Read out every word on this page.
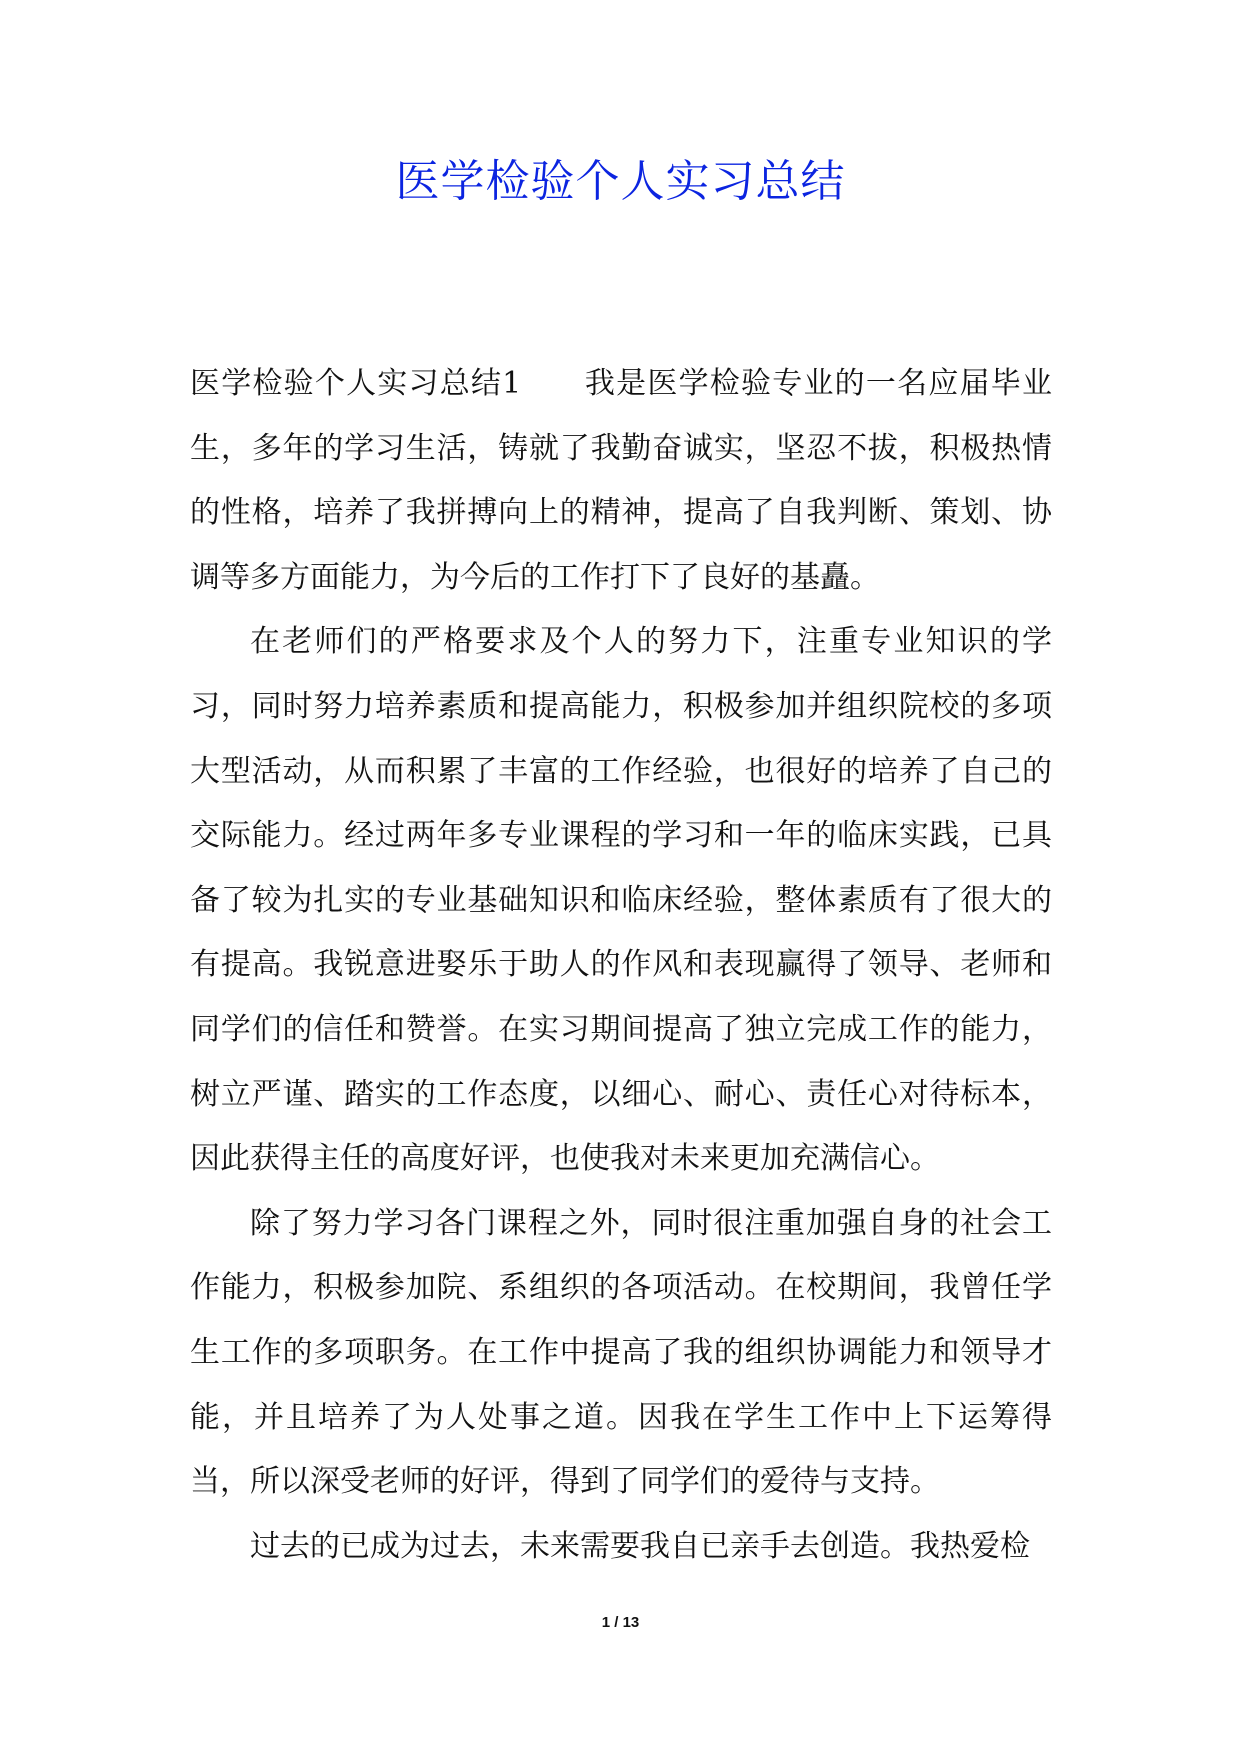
医学检验个人实习总结

医学检验个人实习总结1　　我是医学检验专业的一名应届毕业生，多年的学习生活，铸就了我勤奋诚实，坚忍不拔，积极热情的性格，培养了我拼搏向上的精神，提高了自我判断、策划、协调等多方面能力，为今后的工作打下了良好的基矗。

在老师们的严格要求及个人的努力下，注重专业知识的学习，同时努力培养素质和提高能力，积极参加并组织院校的多项大型活动，从而积累了丰富的工作经验，也很好的培养了自己的交际能力。经过两年多专业课程的学习和一年的临床实践，已具备了较为扎实的专业基础知识和临床经验，整体素质有了很大的有提高。我锐意进娶乐于助人的作风和表现赢得了领导、老师和同学们的信任和赞誉。在实习期间提高了独立完成工作的能力，树立严谨、踏实的工作态度，以细心、耐心、责任心对待标本，因此获得主任的高度好评，也使我对未来更加充满信心。

除了努力学习各门课程之外，同时很注重加强自身的社会工作能力，积极参加院、系组织的各项活动。在校期间，我曾任学生工作的多项职务。在工作中提高了我的组织协调能力和领导才能，并且培养了为人处事之道。因我在学生工作中上下运筹得当，所以深受老师的好评，得到了同学们的爱待与支持。

过去的已成为过去，未来需要我自已亲手去创造。我热爱检

1 / 13
